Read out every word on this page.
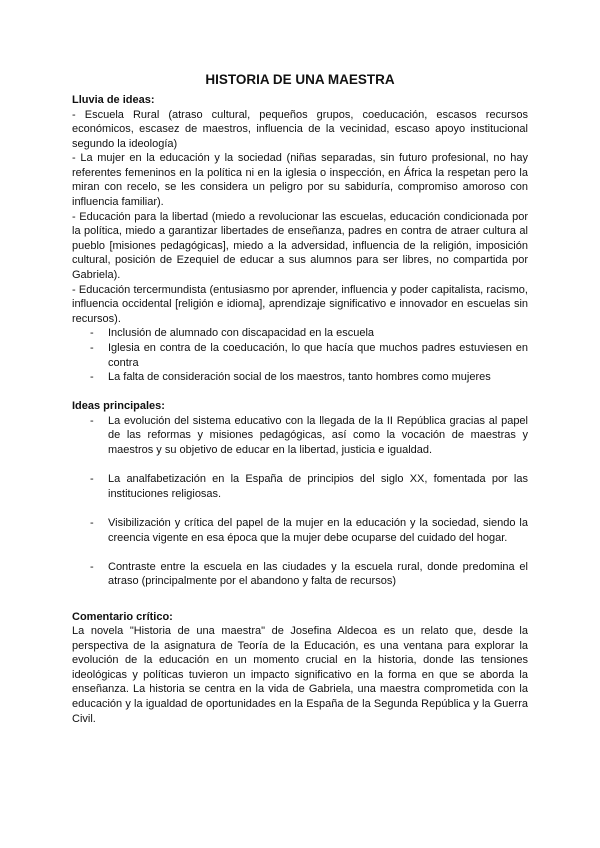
HISTORIA DE UNA MAESTRA

Lluvia de ideas:

- Escuela Rural (atraso cultural, pequeños grupos, coeducación, escasos recursos económicos, escasez de maestros, influencia de la vecinidad, escaso apoyo institucional segundo la ideología)

- La mujer en la educación y la sociedad (niñas separadas, sin futuro profesional, no hay referentes femeninos en la política ni en la iglesia o inspección, en África la respetan pero la miran con recelo, se les considera un peligro por su sabiduría, compromiso amoroso con influencia familiar).

- Educación para la libertad (miedo a revolucionar las escuelas, educación condicionada por la política, miedo a garantizar libertades de enseñanza, padres en contra de atraer cultura al pueblo [misiones pedagógicas], miedo a la adversidad, influencia de la religión, imposición cultural, posición de Ezequiel de educar a sus alumnos para ser libres, no compartida por Gabriela).

- Educación tercermundista (entusiasmo por aprender, influencia y poder capitalista, racismo, influencia occidental [religión e idioma], aprendizaje significativo e innovador en escuelas sin recursos).

- Inclusión de alumnado con discapacidad en la escuela
- Iglesia en contra de la coeducación, lo que hacía que muchos padres estuviesen en contra
- La falta de consideración social de los maestros, tanto hombres como mujeres

Ideas principales:

- La evolución del sistema educativo con la llegada de la II República gracias al papel de las reformas y misiones pedagógicas, así como la vocación de maestras y maestros y su objetivo de educar en la libertad, justicia e igualdad.
- La analfabetización en la España de principios del siglo XX, fomentada por las instituciones religiosas.
- Visibilización y crítica del papel de la mujer en la educación y la sociedad, siendo la creencia vigente en esa época que la mujer debe ocuparse del cuidado del hogar.
- Contraste entre la escuela en las ciudades y la escuela rural, donde predomina el atraso (principalmente por el abandono y falta de recursos)

Comentario crítico:

La novela "Historia de una maestra" de Josefina Aldecoa es un relato que, desde la perspectiva de la asignatura de Teoría de la Educación, es una ventana para explorar la evolución de la educación en un momento crucial en la historia, donde las tensiones ideológicas y políticas tuvieron un impacto significativo en la forma en que se aborda la enseñanza. La historia se centra en la vida de Gabriela, una maestra comprometida con la educación y la igualdad de oportunidades en la España de la Segunda República y la Guerra Civil.
